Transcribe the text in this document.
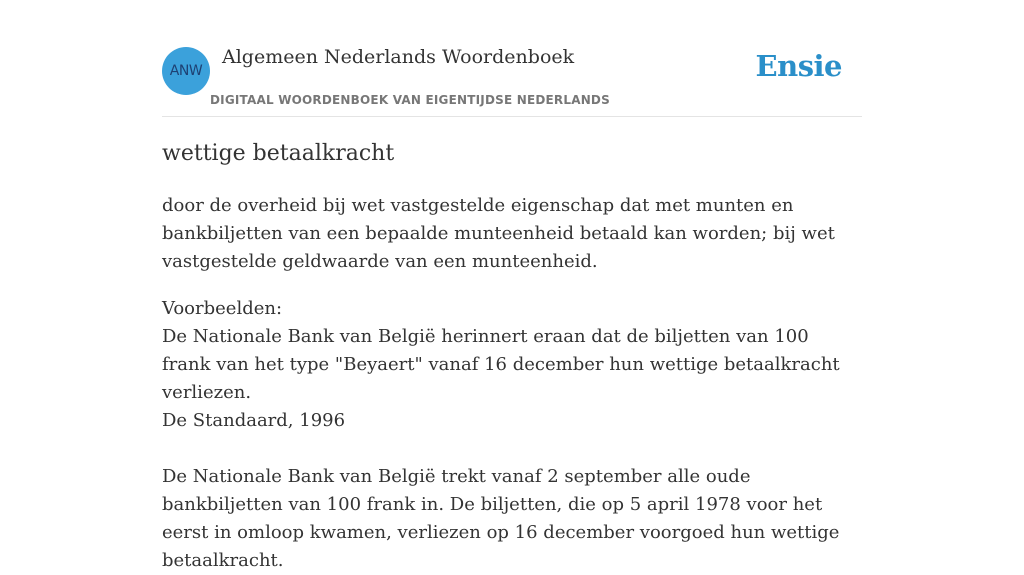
ANW
Algemeen Nederlands Woordenboek
DIGITAAL WOORDENBOEK VAN EIGENTIJDSE NEDERLANDS
Ensie
wettige betaalkracht

door de overheid bij wet vastgestelde eigenschap dat met munten en bankbiljetten van een bepaalde munteenheid betaald kan worden; bij wet vastgestelde geldwaarde van een munteenheid.

Voorbeelden:

De Nationale Bank van België herinnert eraan dat de biljetten van 100 frank van het type "Beyaert" vanaf 16 december hun wettige betaalkracht verliezen.

De Standaard, 1996

De Nationale Bank van België trekt vanaf 2 september alle oude bankbiljetten van 100 frank in. De biljetten, die op 5 april 1978 voor het eerst in omloop kwamen, verliezen op 16 december voorgoed hun wettige betaalkracht.
